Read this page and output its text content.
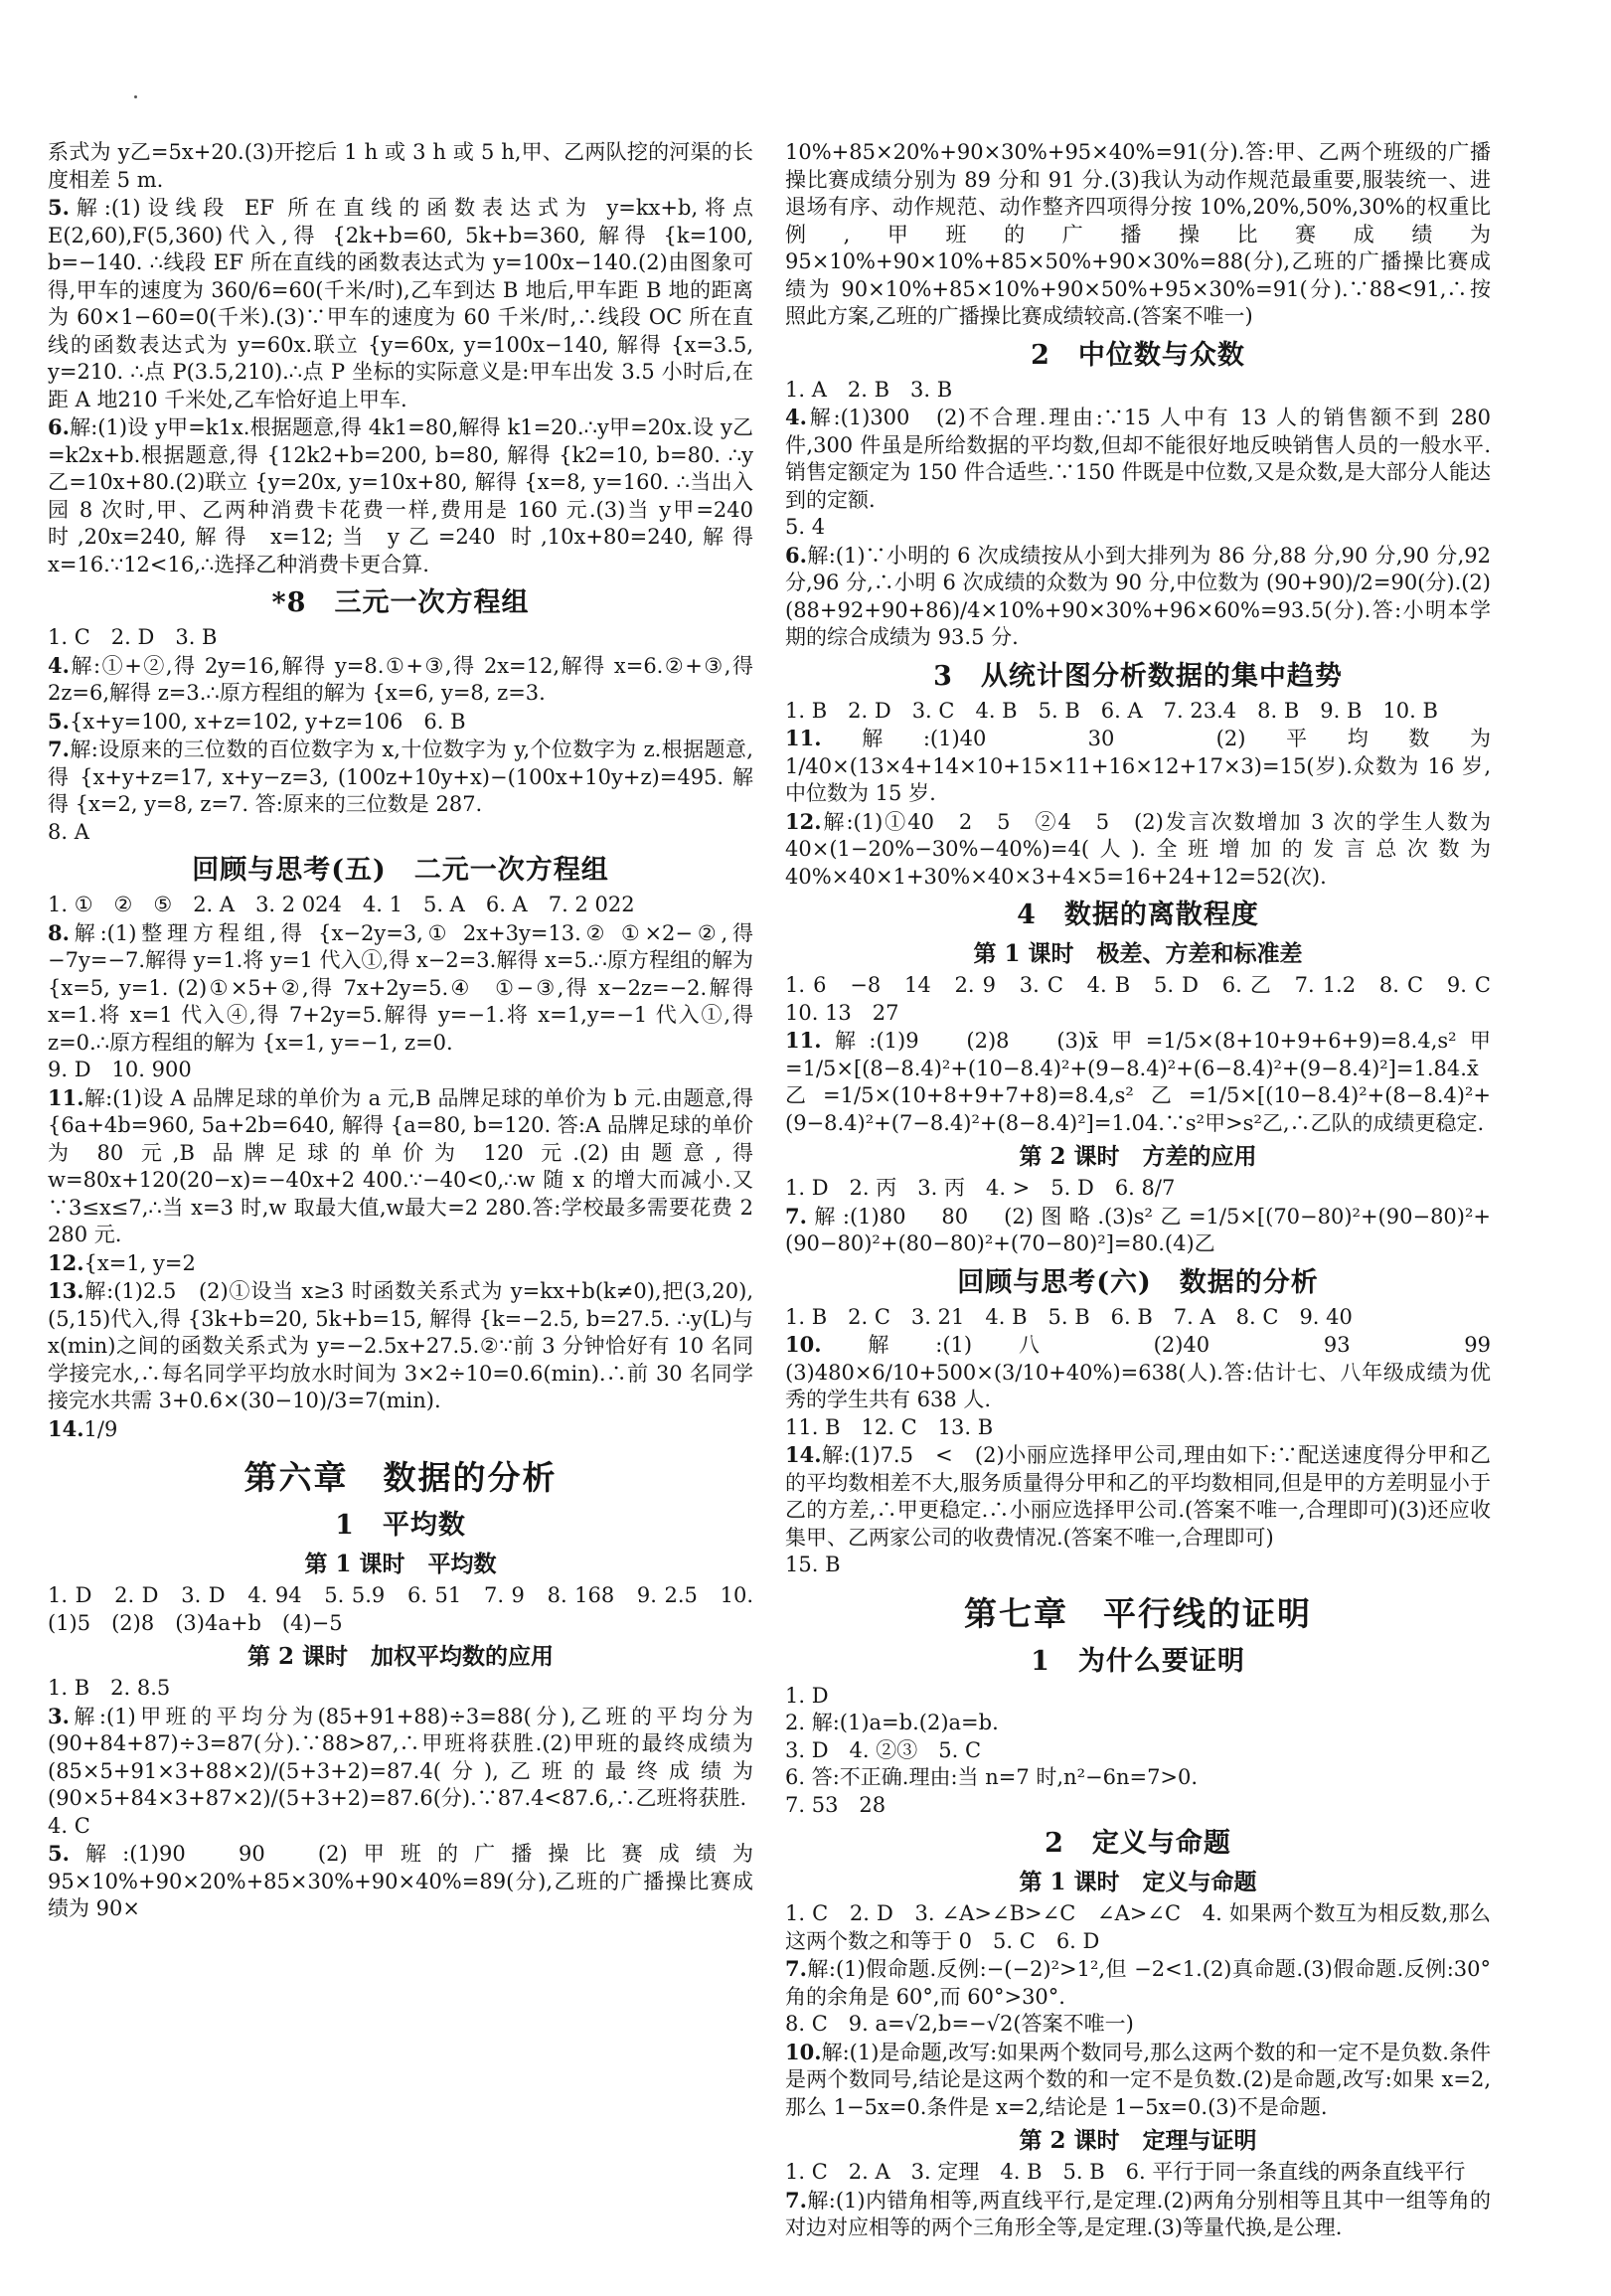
系式为 y乙=5x+20.(3)开挖后 1 h 或 3 h 或 5 h,甲、乙两队挖的河渠的长度相差 5 m.
5.解:(1)设线段 EF 所在直线的函数表达式为 y=kx+b,将点 E(2,60),F(5,360)代入,得 {2k+b=60, 5k+b=360, 解得 {k=100, b=−140. ∴线段 EF 所在直线的函数表达式为 y=100x−140.(2)由图象可得,甲车的速度为 360/6=60(千米/时),乙车到达 B 地后,甲车距 B 地的距离为 60×1−60=0(千米).(3)∵甲车的速度为 60 千米/时,∴线段 OC 所在直线的函数表达式为 y=60x.联立 {y=60x, y=100x−140, 解得 {x=3.5, y=210. ∴点 P(3.5,210).∴点 P 坐标的实际意义是:甲车出发 3.5 小时后,在距 A 地210 千米处,乙车恰好追上甲车.
6.解:(1)设 y甲=k1x.根据题意,得 4k1=80,解得 k1=20.∴y甲=20x.设 y乙=k2x+b.根据题意,得 {12k2+b=200, b=80, 解得 {k2=10, b=80. ∴y乙=10x+80.(2)联立 {y=20x, y=10x+80, 解得 {x=8, y=160. ∴当出入园 8 次时,甲、乙两种消费卡花费一样,费用是 160 元.(3)当 y甲=240 时,20x=240,解得 x=12;当 y乙=240 时,10x+80=240,解得 x=16.∵12<16,∴选择乙种消费卡更合算.
*8　三元一次方程组
1. C　2. D　3. B
4.解:①+②,得 2y=16,解得 y=8.①+③,得 2x=12,解得 x=6.②+③,得 2z=6,解得 z=3.∴原方程组的解为 {x=6, y=8, z=3.
5.{x+y=100, x+z=102, y+z=106　6. B
7.解:设原来的三位数的百位数字为 x,十位数字为 y,个位数字为 z.根据题意,得 {x+y+z=17, x+y−z=3, (100z+10y+x)−(100x+10y+z)=495. 解得 {x=2, y=8, z=7. 答:原来的三位数是 287.
8. A
回顾与思考(五)　二元一次方程组
1. ①　②　⑤　2. A　3. 2 024　4. 1　5. A　6. A　7. 2 022
8.解:(1)整理方程组,得 {x−2y=3,① 2x+3y=13.② ①×2−②,得 −7y=−7.解得 y=1.将 y=1 代入①,得 x−2=3.解得 x=5.∴原方程组的解为 {x=5, y=1. (2)①×5+②,得 7x+2y=5.④　①−③,得 x−2z=−2.解得 x=1.将 x=1 代入④,得 7+2y=5.解得 y=−1.将 x=1,y=−1 代入①,得 z=0.∴原方程组的解为 {x=1, y=−1, z=0.
9. D　10. 900
11.解:(1)设 A 品牌足球的单价为 a 元,B 品牌足球的单价为 b 元.由题意,得 {6a+4b=960, 5a+2b=640, 解得 {a=80, b=120. 答:A 品牌足球的单价为 80 元,B 品牌足球的单价为 120 元.(2)由题意,得 w=80x+120(20−x)=−40x+2 400.∵−40<0,∴w 随 x 的增大而减小.又∵3≤x≤7,∴当 x=3 时,w 取最大值,w最大=2 280.答:学校最多需要花费 2 280 元.
12.{x=1, y=2
13.解:(1)2.5　(2)①设当 x≥3 时函数关系式为 y=kx+b(k≠0),把(3,20),(5,15)代入,得 {3k+b=20, 5k+b=15, 解得 {k=−2.5, b=27.5. ∴y(L)与 x(min)之间的函数关系式为 y=−2.5x+27.5.②∵前 3 分钟恰好有 10 名同学接完水,∴每名同学平均放水时间为 3×2÷10=0.6(min).∴前 30 名同学接完水共需 3+0.6×(30−10)/3=7(min).
14.1/9
第六章　数据的分析
1　平均数
第 1 课时　平均数
1. D　2. D　3. D　4. 94　5. 5.9　6. 51　7. 9　8. 168　9. 2.5　10. (1)5　(2)8　(3)4a+b　(4)−5
第 2 课时　加权平均数的应用
1. B　2. 8.5
3.解:(1)甲班的平均分为(85+91+88)÷3=88(分),乙班的平均分为(90+84+87)÷3=87(分).∵88>87,∴甲班将获胜.(2)甲班的最终成绩为 (85×5+91×3+88×2)/(5+3+2)=87.4(分),乙班的最终成绩为 (90×5+84×3+87×2)/(5+3+2)=87.6(分).∵87.4<87.6,∴乙班将获胜.
4. C
5.解:(1)90　90　(2)甲班的广播操比赛成绩为 95×10%+90×20%+85×30%+90×40%=89(分),乙班的广播操比赛成绩为 90×
10%+85×20%+90×30%+95×40%=91(分).答:甲、乙两个班级的广播操比赛成绩分别为 89 分和 91 分.(3)我认为动作规范最重要,服装统一、进退场有序、动作规范、动作整齐四项得分按 10%,20%,50%,30%的权重比例,甲班的广播操比赛成绩为 95×10%+90×10%+85×50%+90×30%=88(分),乙班的广播操比赛成绩为 90×10%+85×10%+90×50%+95×30%=91(分).∵88<91,∴按照此方案,乙班的广播操比赛成绩较高.(答案不唯一)
2　中位数与众数
1. A　2. B　3. B
4.解:(1)300　(2)不合理.理由:∵15 人中有 13 人的销售额不到 280 件,300 件虽是所给数据的平均数,但却不能很好地反映销售人员的一般水平.销售定额定为 150 件合适些.∵150 件既是中位数,又是众数,是大部分人能达到的定额.
5. 4
6.解:(1)∵小明的 6 次成绩按从小到大排列为 86 分,88 分,90 分,90 分,92 分,96 分,∴小明 6 次成绩的众数为 90 分,中位数为 (90+90)/2=90(分).(2)(88+92+90+86)/4×10%+90×30%+96×60%=93.5(分).答:小明本学期的综合成绩为 93.5 分.
3　从统计图分析数据的集中趋势
1. B　2. D　3. C　4. B　5. B　6. A　7. 23.4　8. B　9. B　10. B
11.解:(1)40　30　(2)平均数为 1/40×(13×4+14×10+15×11+16×12+17×3)=15(岁).众数为 16 岁,中位数为 15 岁.
12.解:(1)①40　2　5　②4　5　(2)发言次数增加 3 次的学生人数为 40×(1−20%−30%−40%)=4(人).全班增加的发言总次数为 40%×40×1+30%×40×3+4×5=16+24+12=52(次).
4　数据的离散程度
第 1 课时　极差、方差和标准差
1. 6　−8　14　2. 9　3. C　4. B　5. D　6. 乙　7. 1.2　8. C　9. C　10. 13　27
11.解:(1)9　(2)8　(3)x̄甲=1/5×(8+10+9+6+9)=8.4,s²甲=1/5×[(8−8.4)²+(10−8.4)²+(9−8.4)²+(6−8.4)²+(9−8.4)²]=1.84.x̄乙=1/5×(10+8+9+7+8)=8.4,s²乙=1/5×[(10−8.4)²+(8−8.4)²+(9−8.4)²+(7−8.4)²+(8−8.4)²]=1.04.∵s²甲>s²乙,∴乙队的成绩更稳定.
第 2 课时　方差的应用
1. D　2. 丙　3. 丙　4. >　5. D　6. 8/7
7.解:(1)80　80　(2)图略.(3)s²乙=1/5×[(70−80)²+(90−80)²+(90−80)²+(80−80)²+(70−80)²]=80.(4)乙
回顾与思考(六)　数据的分析
1. B　2. C　3. 21　4. B　5. B　6. B　7. A　8. C　9. 40
10.解:(1)八　(2)40　93　99　(3)480×6/10+500×(3/10+40%)=638(人).答:估计七、八年级成绩为优秀的学生共有 638 人.
11. B　12. C　13. B
14.解:(1)7.5　<　(2)小丽应选择甲公司,理由如下:∵配送速度得分甲和乙的平均数相差不大,服务质量得分甲和乙的平均数相同,但是甲的方差明显小于乙的方差,∴甲更稳定.∴小丽应选择甲公司.(答案不唯一,合理即可)(3)还应收集甲、乙两家公司的收费情况.(答案不唯一,合理即可)
15. B
第七章　平行线的证明
1　为什么要证明
1. D
2. 解:(1)a=b.(2)a=b.
3. D　4. ②③　5. C
6. 答:不正确.理由:当 n=7 时,n²−6n=7>0.
7. 53　28
2　定义与命题
第 1 课时　定义与命题
1. C　2. D　3. ∠A>∠B>∠C　∠A>∠C　4. 如果两个数互为相反数,那么这两个数之和等于 0　5. C　6. D
7.解:(1)假命题.反例:−(−2)²>1²,但 −2<1.(2)真命题.(3)假命题.反例:30°角的余角是 60°,而 60°>30°.
8. C　9. a=√2,b=−√2(答案不唯一)
10.解:(1)是命题,改写:如果两个数同号,那么这两个数的和一定不是负数.条件是两个数同号,结论是这两个数的和一定不是负数.(2)是命题,改写:如果 x=2,那么 1−5x=0.条件是 x=2,结论是 1−5x=0.(3)不是命题.
第 2 课时　定理与证明
1. C　2. A　3. 定理　4. B　5. B　6. 平行于同一条直线的两条直线平行
7.解:(1)内错角相等,两直线平行,是定理.(2)两角分别相等且其中一组等角的对边对应相等的两个三角形全等,是定理.(3)等量代换,是公理.
